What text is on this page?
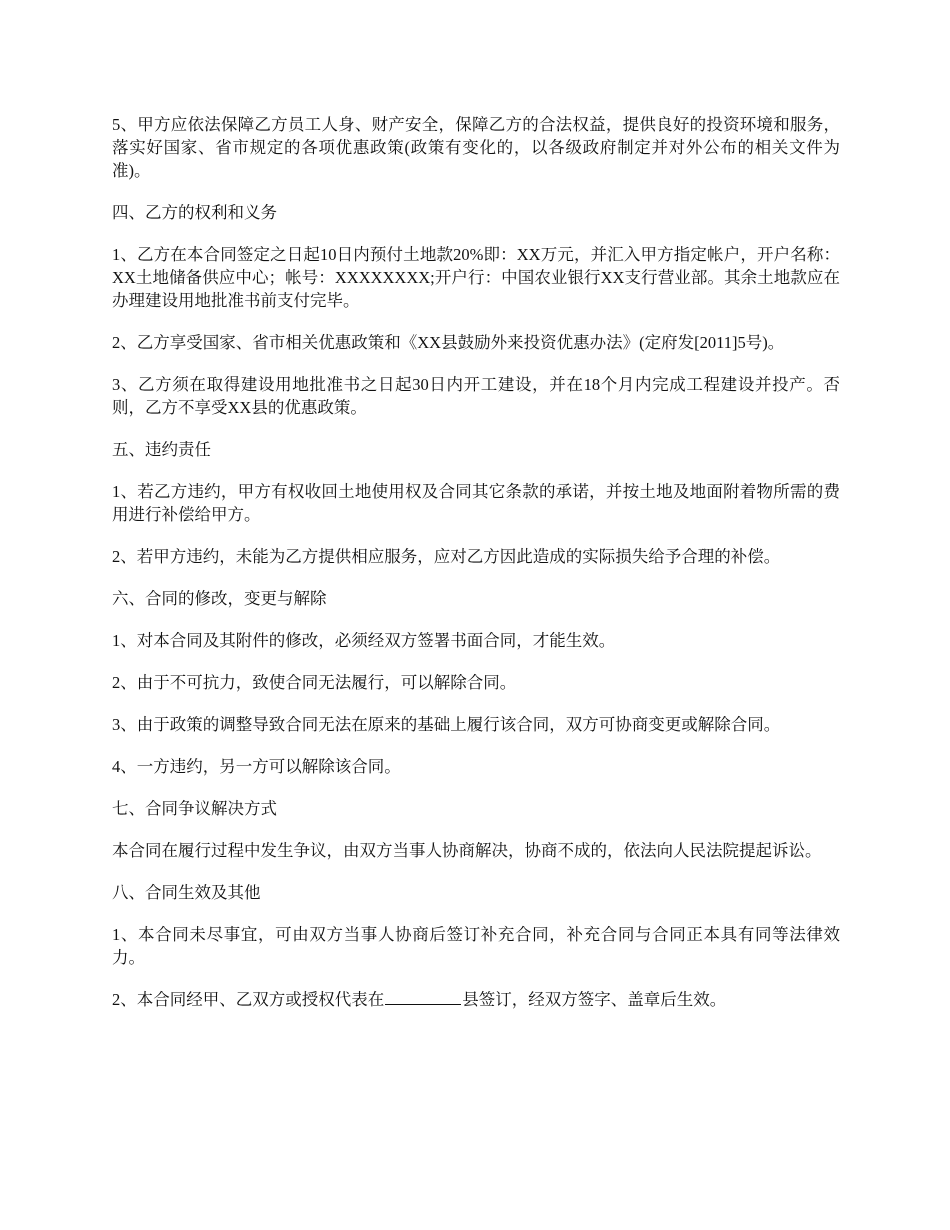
5、甲方应依法保障乙方员工人身、财产安全，保障乙方的合法权益，提供良好的投资环境和服务，落实好国家、省市规定的各项优惠政策(政策有变化的，以各级政府制定并对外公布的相关文件为准)。

四、乙方的权利和义务

1、乙方在本合同签定之日起10日内预付土地款20%即：XX万元，并汇入甲方指定帐户，开户名称：XX土地储备供应中心；帐号：XXXXXXXX;开户行：中国农业银行XX支行营业部。其余土地款应在办理建设用地批准书前支付完毕。

2、乙方享受国家、省市相关优惠政策和《XX县鼓励外来投资优惠办法》(定府发[2011]5号)。

3、乙方须在取得建设用地批准书之日起30日内开工建设，并在18个月内完成工程建设并投产。否则，乙方不享受XX县的优惠政策。

五、违约责任

1、若乙方违约，甲方有权收回土地使用权及合同其它条款的承诺，并按土地及地面附着物所需的费用进行补偿给甲方。

2、若甲方违约，未能为乙方提供相应服务，应对乙方因此造成的实际损失给予合理的补偿。

六、合同的修改，变更与解除

1、对本合同及其附件的修改，必须经双方签署书面合同，才能生效。

2、由于不可抗力，致使合同无法履行，可以解除合同。

3、由于政策的调整导致合同无法在原来的基础上履行该合同，双方可协商变更或解除合同。

4、一方违约，另一方可以解除该合同。

七、合同争议解决方式

本合同在履行过程中发生争议，由双方当事人协商解决，协商不成的，依法向人民法院提起诉讼。

八、合同生效及其他

1、本合同未尽事宜，可由双方当事人协商后签订补充合同，补充合同与合同正本具有同等法律效力。

2、本合同经甲、乙双方或授权代表在	县签订，经双方签字、盖章后生效。
